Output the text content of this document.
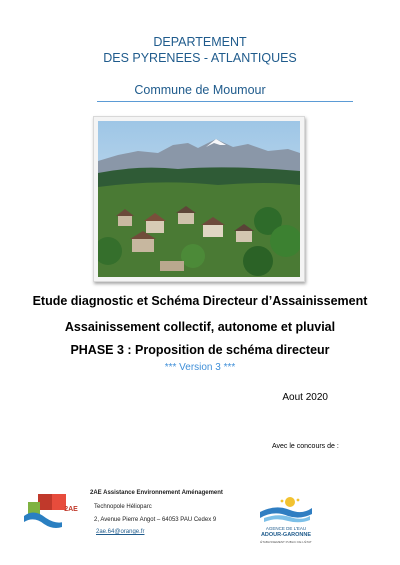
DEPARTEMENT
DES PYRENEES - ATLANTIQUES
Commune de Moumour
Etude diagnostic et Schéma Directeur d’Assainissement
Assainissement collectif, autonome et pluvial
PHASE 3 : Proposition de schéma directeur
*** Version 3 ***
Aout 2020
Avec le concours de :
2AE
2AE Assistance Environnement Aménagement
Technopole Hélioparc
2, Avenue Pierre Angot – 64053 PAU Cedex 9
2ae.64@orange.fr
AGENCE DE L'EAU
ADOUR-GARONNE
ÉTABLISSEMENT PUBLIC DE L'ÉTAT
